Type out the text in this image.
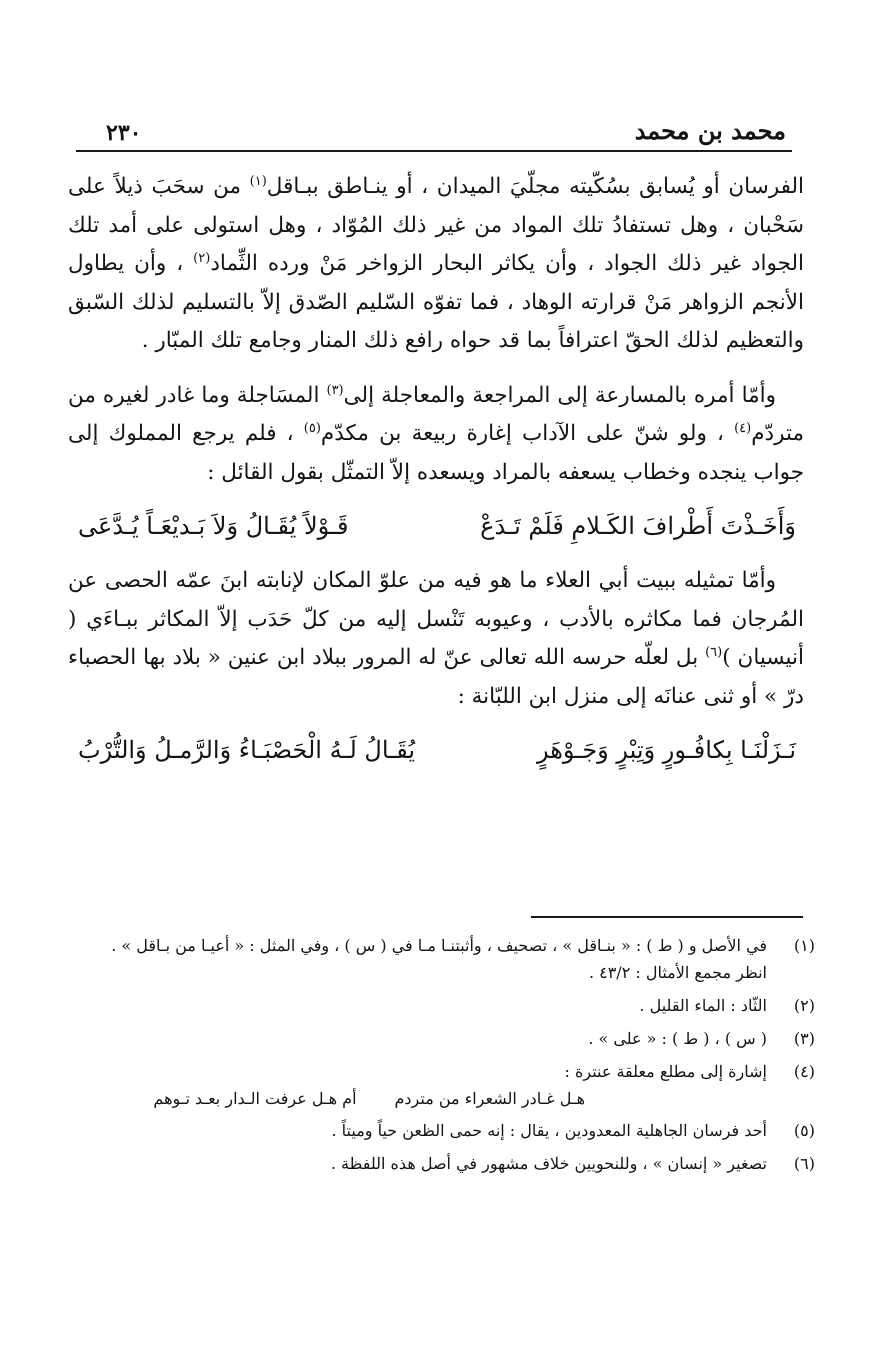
٢٣٠	محمد بن محمد

الفرسان أو يُسابق بسُكّيته مجلّيَ الميدان ، أو ينـاطق ببـاقل$^{(١)}$ من سحَبَ ذيلاً على سَحْبان ، وهل تستفادُ تلك المواد من غير ذلك المُوّاد ، وهل استولى على أمد تلك الجواد غير ذلك الجواد ، وأن يكاثر البحار الزواخر مَنْ ورده الثِّماد$^{(٢)}$ ، وأن يطاول الأنجم الزواهر مَنْ قرارته الوهاد ، فما تفوّه السّليم الصّدق إلاّ بالتسليم لذلك السّبق والتعظيم لذلك الحقّ اعترافاً بما قد حواه رافع ذلك المنار وجامع تلك المبّار .

وأمّا أمره بالمسارعة إلى المراجعة والمعاجلة إلى$^{(٣)}$ المسَاجلة وما غادر لغيره من متردّم$^{(٤)}$ ، ولو شنّ على الآداب إغارة ربيعة بن مكدّم$^{(٥)}$ ، فلم يرجع المملوك إلى جواب ينجده وخطاب يسعفه بالمراد ويسعده إلاّ التمثّل بقول القائل :

وَأَخَـذْتَ أَطْرافَ الكَـلامِ فَلَمْ تَـدَعْ
قَـوْلاً يُقَـالُ وَلاَ بَـديْعَـاً يُـدَّعَى

وأمّا تمثيله ببيت أبي العلاء ما هو فيه من علوّ المكان لإنابته ابنَ عمّه الحصى عن المُرجان فما مكاثره بالأدب ، وعيوبه تَنْسل إليه من كلّ حَدَب إلاّ المكاثر ببـاءَي ( أنيسيان )$^{(٦)}$ بل لعلّه حرسه الله تعالى عنّ له المرور ببلاد ابن عنين « بلاد بها الحصباء درّ » أو ثنى عنانَه إلى منزل ابن اللبّانة :

نَـزَلْنَـا بِكافُـورٍ وَتِبْرٍ وَجَـوْهَرٍ
يُقَـالُ لَـهُ الْحَصْبَـاءُ وَالرَّمـلُ وَالتُّرْبُ
(١)
في الأصل و ( ط ) : « بنـاقل » ، تصحيف ، وأثبتنـا مـا في ( س ) ، وفي المثل : « أعيـا من بـاقل » .
انظر مجمع الأمثال : ٤٣/٢ .
(٢)
الثّاد : الماء القليل .
(٣)
( س ) ، ( ط ) : « على » .
(٤)
إشارة إلى مطلع معلقة عنترة :
هـل غـادر الشعراء من متردم
أم هـل عرفت الـدار بعـد تـوهم
(٥)
أحد فرسان الجاهلية المعدودين ، يقال : إنه حمى الظعن حياً وميتاً .
(٦)
تصغير « إنسان » ، وللنحويين خلاف مشهور في أصل هذه اللفظة .
